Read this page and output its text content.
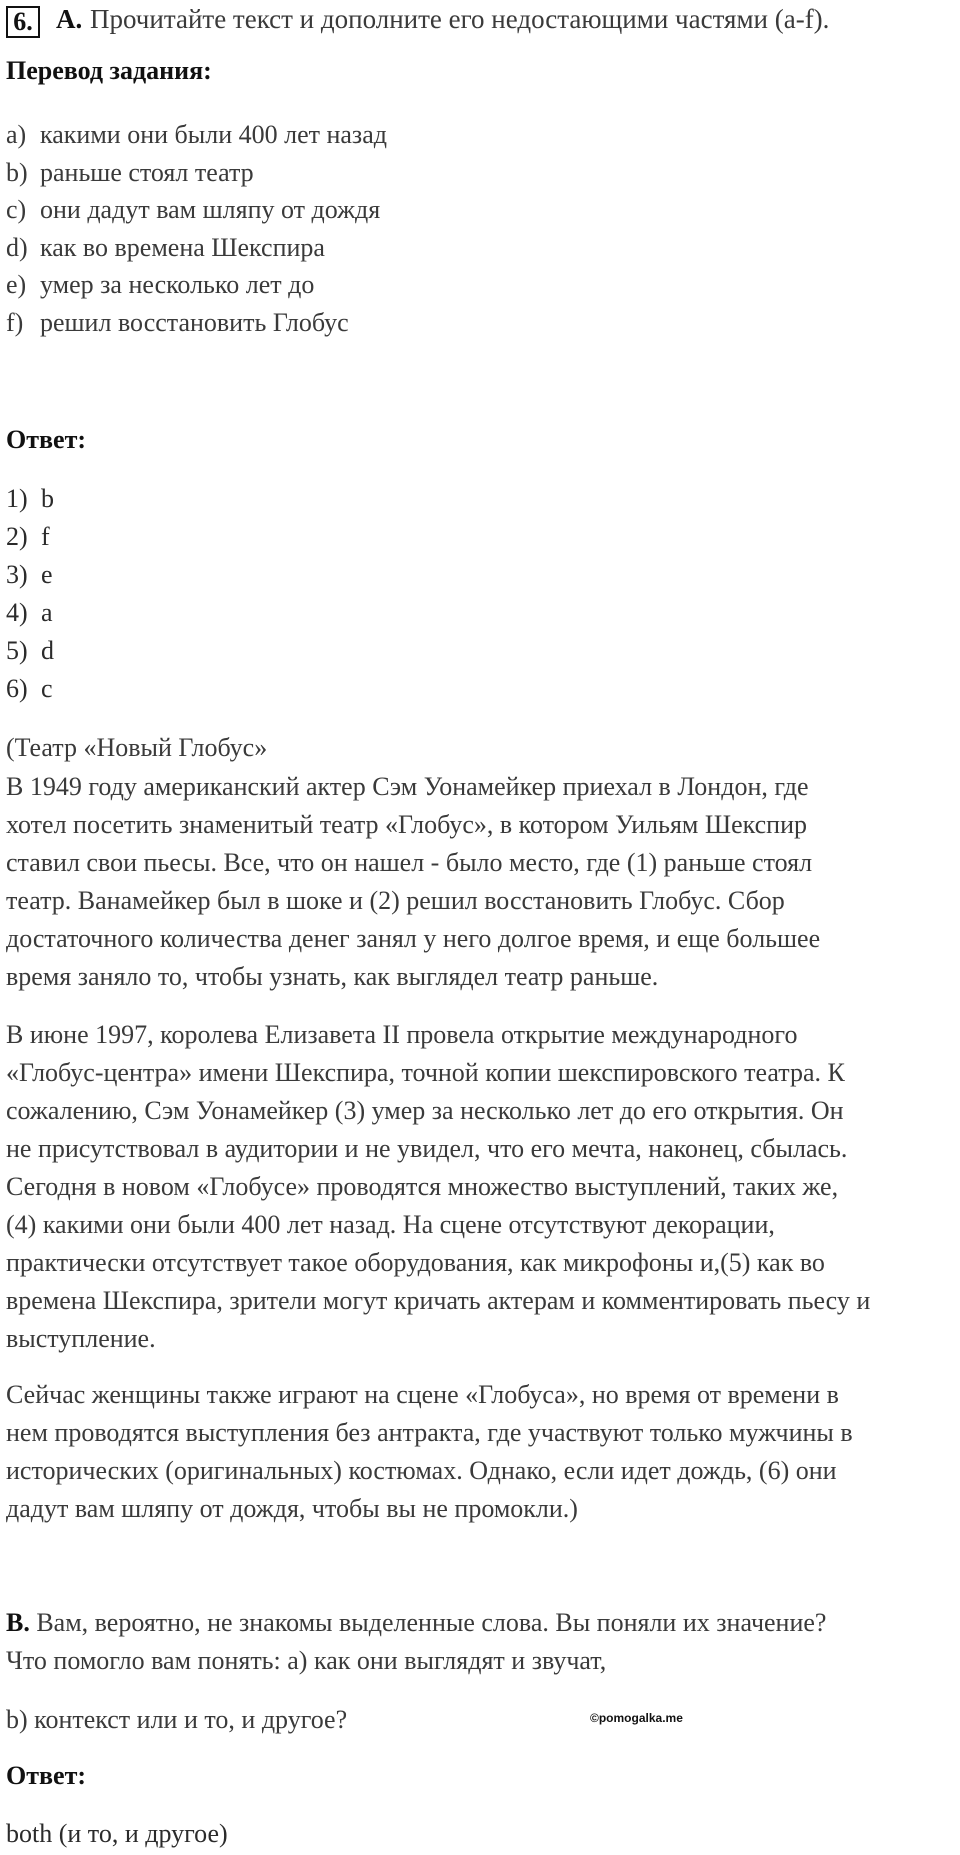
6. A. Прочитайте текст и дополните его недостающими частями (a-f).
Перевод задания:
a) какими они были 400 лет назад
b) раньше стоял театр
c) они дадут вам шляпу от дождя
d) как во времена Шекспира
e) умер за несколько лет до
f) решил восстановить Глобус
Ответ:
1) b
2) f
3) e
4) a
5) d
6) c
(Театр «Новый Глобус»
В 1949 году американский актер Сэм Уонамейкер приехал в Лондон, где
хотел посетить знаменитый театр «Глобус», в котором Уильям Шекспир
ставил свои пьесы. Все, что он нашел - было место, где (1) раньше стоял
театр. Ванамейкер был в шоке и (2) решил восстановить Глобус. Сбор
достаточного количества денег занял у него долгое время, и еще большее
время заняло то, чтобы узнать, как выглядел театр раньше.
В июне 1997, королева Елизавета II провела открытие международного
«Глобус-центра» имени Шекспира, точной копии шекспировского театра. К
сожалению, Сэм Уонамейкер (3) умер за несколько лет до его открытия. Он
не присутствовал в аудитории и не увидел, что его мечта, наконец, сбылась.
Сегодня в новом «Глобусе» проводятся множество выступлений, таких же,
(4) какими они были 400 лет назад. На сцене отсутствуют декорации,
практически отсутствует такое оборудования, как микрофоны и,(5) как во
времена Шекспира, зрители могут кричать актерам и комментировать пьесу и
выступление.
Сейчас женщины также играют на сцене «Глобуса», но время от времени в
нем проводятся выступления без антракта, где участвуют только мужчины в
исторических (оригинальных) костюмах. Однако, если идет дождь, (6) они
дадут вам шляпу от дождя, чтобы вы не промокли.)
B. Вам, вероятно, не знакомы выделенные слова. Вы поняли их значение?
Что помогло вам понять: a) как они выглядят и звучат,
b) контекст или и то, и другое?	©pomogalka.me
Ответ:
both (и то, и другое)
